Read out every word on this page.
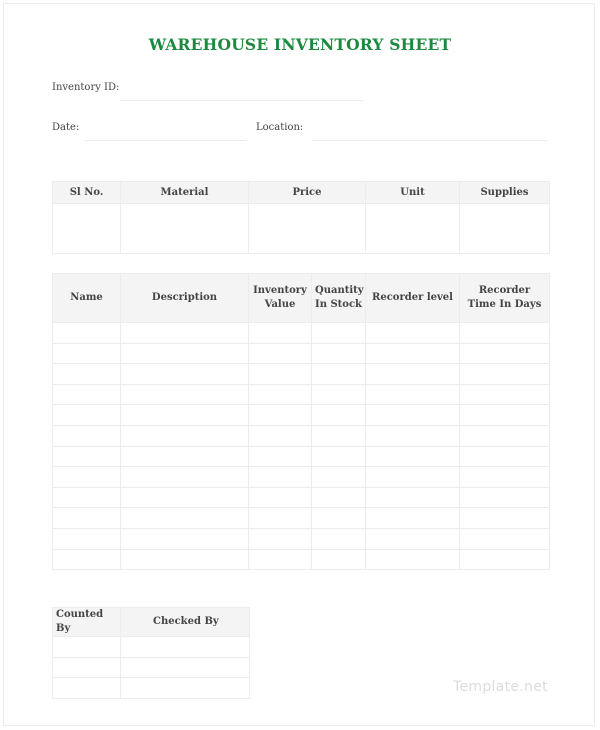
WAREHOUSE INVENTORY SHEET
Inventory ID:
Date:	Location:
Sl No.	Material	Price	Unit	Supplies

Name	Description	Inventory Value	Quantity In Stock	Recorder level	Recorder Time In Days

Counted By	Checked By

Template.net
